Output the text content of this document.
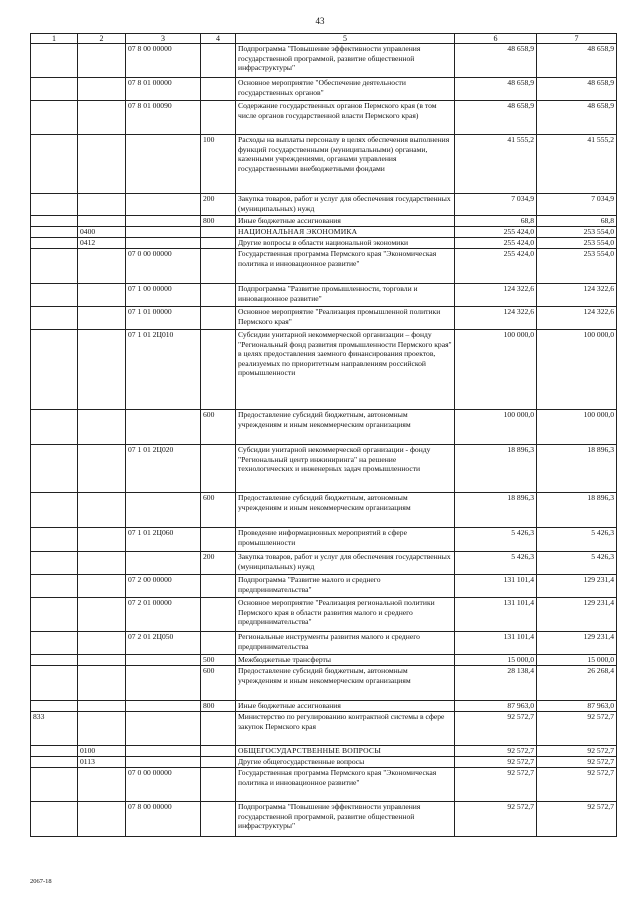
43
1	2	3	4	5	6	7
		07 8 00 00000		Подпрограмма "Повышение эффективности управления государственной программой, развитие общественной инфраструктуры"	48 658,9	48 658,9
		07 8 01 00000		Основное мероприятие "Обеспечение деятельности государственных органов"	48 658,9	48 658,9
		07 8 01 00090		Содержание государственных органов Пермского края (в том числе органов государственной власти Пермского края)	48 658,9	48 658,9
			100	Расходы на выплаты персоналу в целях обеспечения выполнения функций государственными (муниципальными) органами, казенными учреждениями, органами управления государственными внебюджетными фондами	41 555,2	41 555,2
			200	Закупка товаров, работ и услуг для обеспечения государственных (муниципальных) нужд	7 034,9	7 034,9
			800	Иные бюджетные ассигнования	68,8	68,8
	0400			НАЦИОНАЛЬНАЯ ЭКОНОМИКА	255 424,0	253 554,0
	0412			Другие вопросы в области национальной экономики	255 424,0	253 554,0
		07 0 00 00000		Государственная программа Пермского края "Экономическая политика и инновационное развитие"	255 424,0	253 554,0
		07 1 00 00000		Подпрограмма "Развитие промышленности, торговли и инновационное развитие"	124 322,6	124 322,6
		07 1 01 00000		Основное мероприятие "Реализация промышленной политики Пермского края"	124 322,6	124 322,6
		07 1 01 2Ц010		Субсидии унитарной некоммерческой организации – фонду "Региональный фонд развития промышленности Пермского края" в целях предоставления заемного финансирования проектов, реализуемых по приоритетным направлениям российской промышленности	100 000,0	100 000,0
			600	Предоставление субсидий бюджетным, автономным учреждениям и иным некоммерческим организациям	100 000,0	100 000,0
		07 1 01 2Ц020		Субсидии унитарной некоммерческой организации - фонду "Региональный центр инжиниринга" на решение технологических и инженерных задач промышленности	18 896,3	18 896,3
			600	Предоставление субсидий бюджетным, автономным учреждениям и иным некоммерческим организациям	18 896,3	18 896,3
		07 1 01 2Ц060		Проведение информационных мероприятий в сфере промышленности	5 426,3	5 426,3
			200	Закупка товаров, работ и услуг для обеспечения государственных (муниципальных) нужд	5 426,3	5 426,3
		07 2 00 00000		Подпрограмма "Развитие малого и среднего предпринимательства"	131 101,4	129 231,4
		07 2 01 00000		Основное мероприятие "Реализация региональной политики Пермского края в области развития малого и среднего предпринимательства"	131 101,4	129 231,4
		07 2 01 2Ц050		Региональные инструменты развития малого и среднего предпринимательства	131 101,4	129 231,4
			500	Межбюджетные трансферты	15 000,0	15 000,0
			600	Предоставление субсидий бюджетным, автономным учреждениям и иным некоммерческим организациям	28 138,4	26 268,4
			800	Иные бюджетные ассигнования	87 963,0	87 963,0
833				Министерство по регулированию контрактной системы в сфере закупок Пермского края	92 572,7	92 572,7
	0100			ОБЩЕГОСУДАРСТВЕННЫЕ ВОПРОСЫ	92 572,7	92 572,7
	0113			Другие общегосударственные вопросы	92 572,7	92 572,7
		07 0 00 00000		Государственная программа Пермского края "Экономическая политика и инновационное развитие"	92 572,7	92 572,7
		07 8 00 00000		Подпрограмма "Повышение эффективности управления государственной программой, развитие общественной инфраструктуры"	92 572,7	92 572,7
2067-18
